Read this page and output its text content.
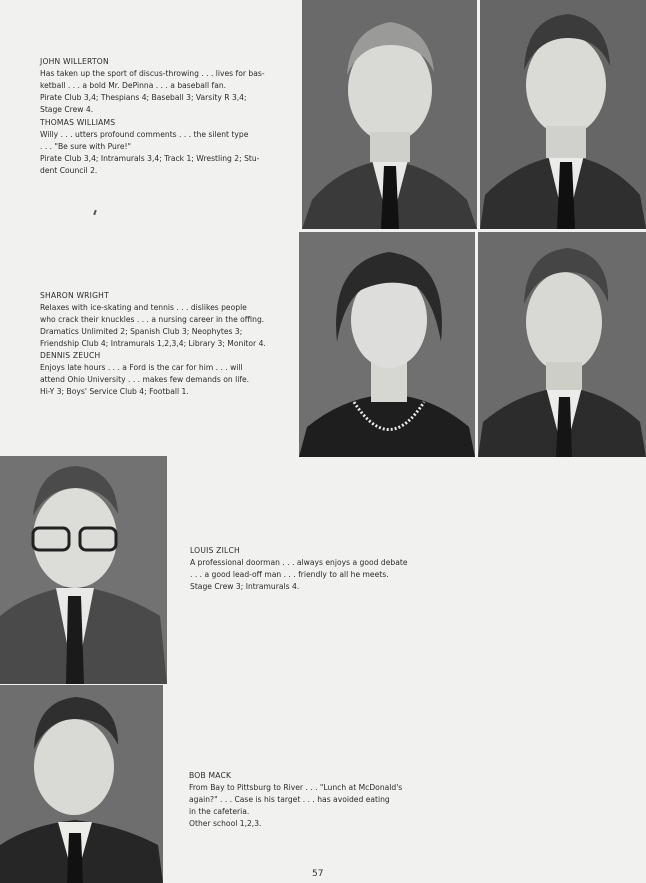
JOHN WILLERTON
Has taken up the sport of discus-throwing . . . lives for bas-
ketball . . . a bold Mr. DePinna . . . a baseball fan.
Pirate Club 3,4; Thespians 4; Baseball 3; Varsity R 3,4;
Stage Crew 4.
THOMAS WILLIAMS
Willy . . . utters profound comments . . . the silent type
. . . "Be sure with Pure!"
Pirate Club 3,4; Intramurals 3,4; Track 1; Wrestling 2; Stu-
dent Council 2.
SHARON WRIGHT
Relaxes with ice-skating and tennis . . . dislikes people
who crack their knuckles . . . a nursing career in the offing.
Dramatics Unlimited 2; Spanish Club 3; Neophytes 3;
Friendship Club 4; Intramurals 1,2,3,4; Library 3; Monitor 4.
DENNIS ZEUCH
Enjoys late hours . . . a Ford is the car for him . . . will
attend Ohio University . . . makes few demands on life.
Hi-Y 3; Boys' Service Club 4; Football 1.
LOUIS ZILCH
A professional doorman . . . always enjoys a good debate
. . . a good lead-off man . . . friendly to all he meets.
Stage Crew 3; Intramurals 4.
BOB MACK
From Bay to Pittsburg to River . . . "Lunch at McDonald's
again?" . . . Case is his target . . . has avoided eating
in the cafeteria.
Other school 1,2,3.
57
